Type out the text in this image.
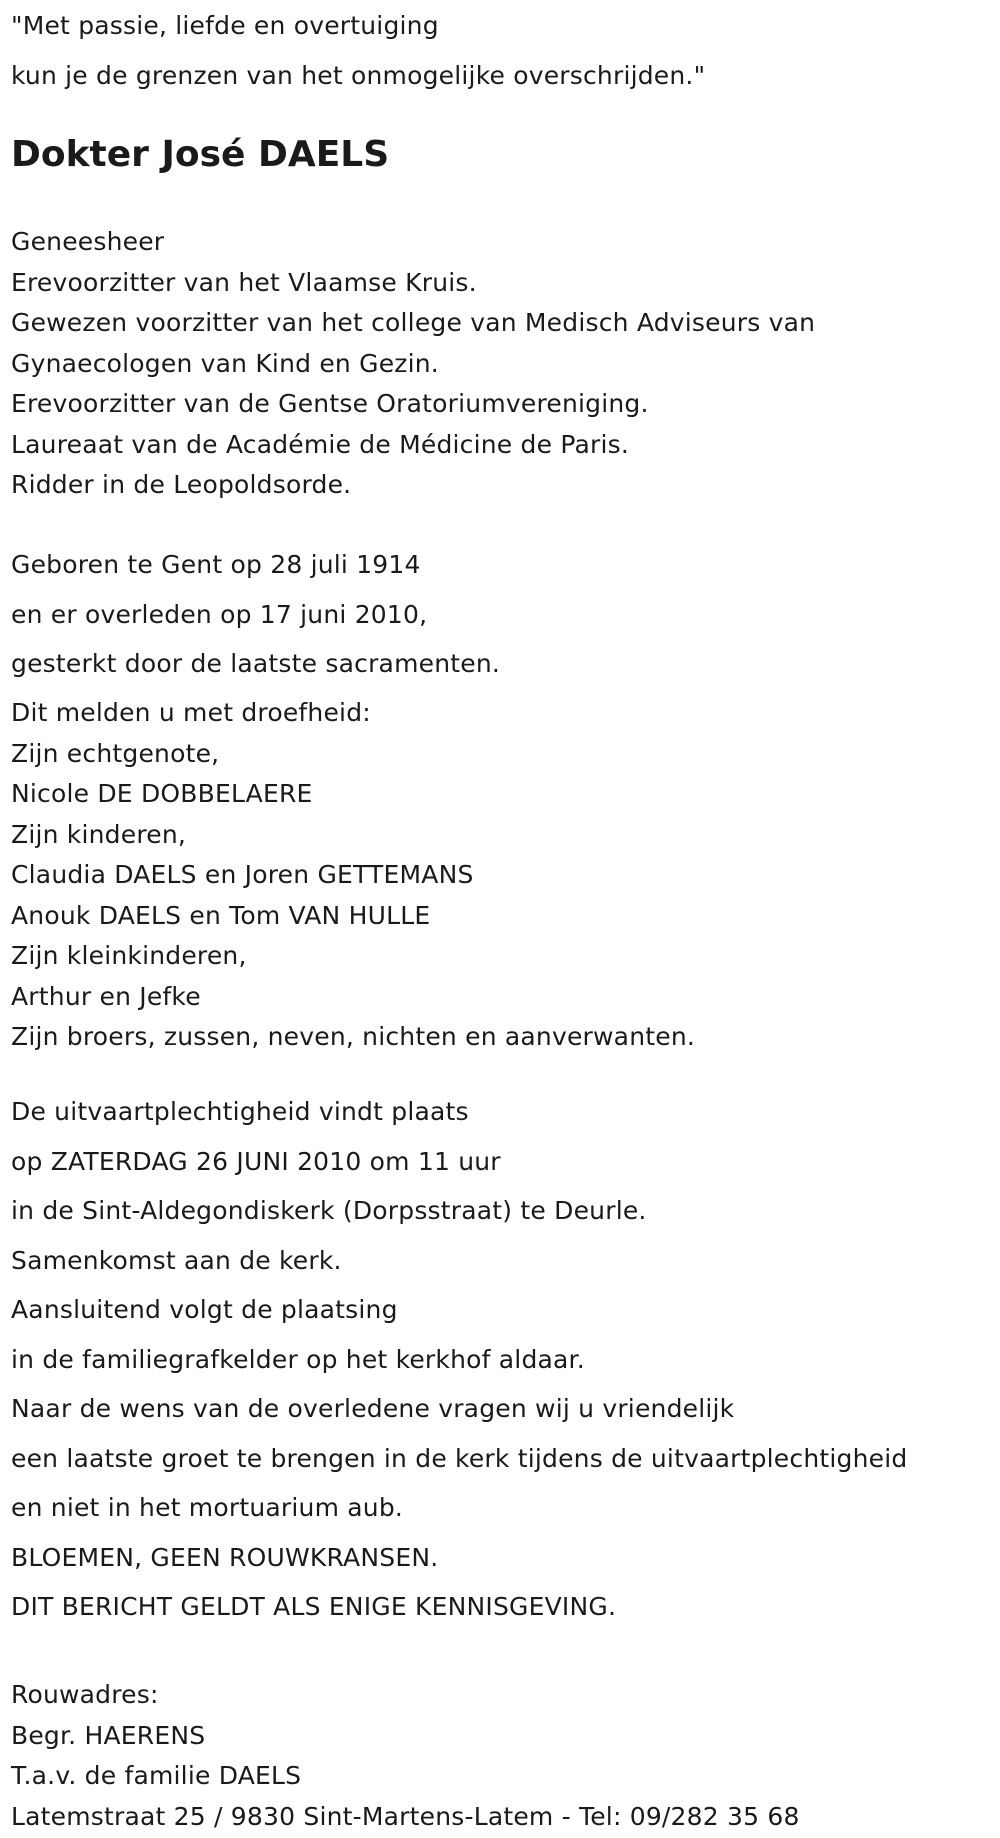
"Met passie, liefde en overtuiging
kun je de grenzen van het onmogelijke overschrijden."
Dokter José DAELS
Geneesheer
Erevoorzitter van het Vlaamse Kruis.
Gewezen voorzitter van het college van Medisch Adviseurs van
Gynaecologen van Kind en Gezin.
Erevoorzitter van de Gentse Oratoriumvereniging.
Laureaat van de Académie de Médicine de Paris.
Ridder in de Leopoldsorde.
Geboren te Gent op 28 juli 1914
en er overleden op 17 juni 2010,
gesterkt door de laatste sacramenten.
Dit melden u met droefheid:
Zijn echtgenote,
Nicole DE DOBBELAERE
Zijn kinderen,
Claudia DAELS en Joren GETTEMANS
Anouk DAELS en Tom VAN HULLE
Zijn kleinkinderen,
Arthur en Jefke
Zijn broers, zussen, neven, nichten en aanverwanten.
De uitvaartplechtigheid vindt plaats
op ZATERDAG 26 JUNI 2010 om 11 uur
in de Sint-Aldegondiskerk (Dorpsstraat) te Deurle.
Samenkomst aan de kerk.
Aansluitend volgt de plaatsing
in de familiegrafkelder op het kerkhof aldaar.
Naar de wens van de overledene vragen wij u vriendelijk
een laatste groet te brengen in de kerk tijdens de uitvaartplechtigheid
en niet in het mortuarium aub.
BLOEMEN, GEEN ROUWKRANSEN.
DIT BERICHT GELDT ALS ENIGE KENNISGEVING.
Rouwadres:
Begr. HAERENS
T.a.v. de familie DAELS
Latemstraat 25 / 9830 Sint-Martens-Latem - Tel: 09/282 35 68
